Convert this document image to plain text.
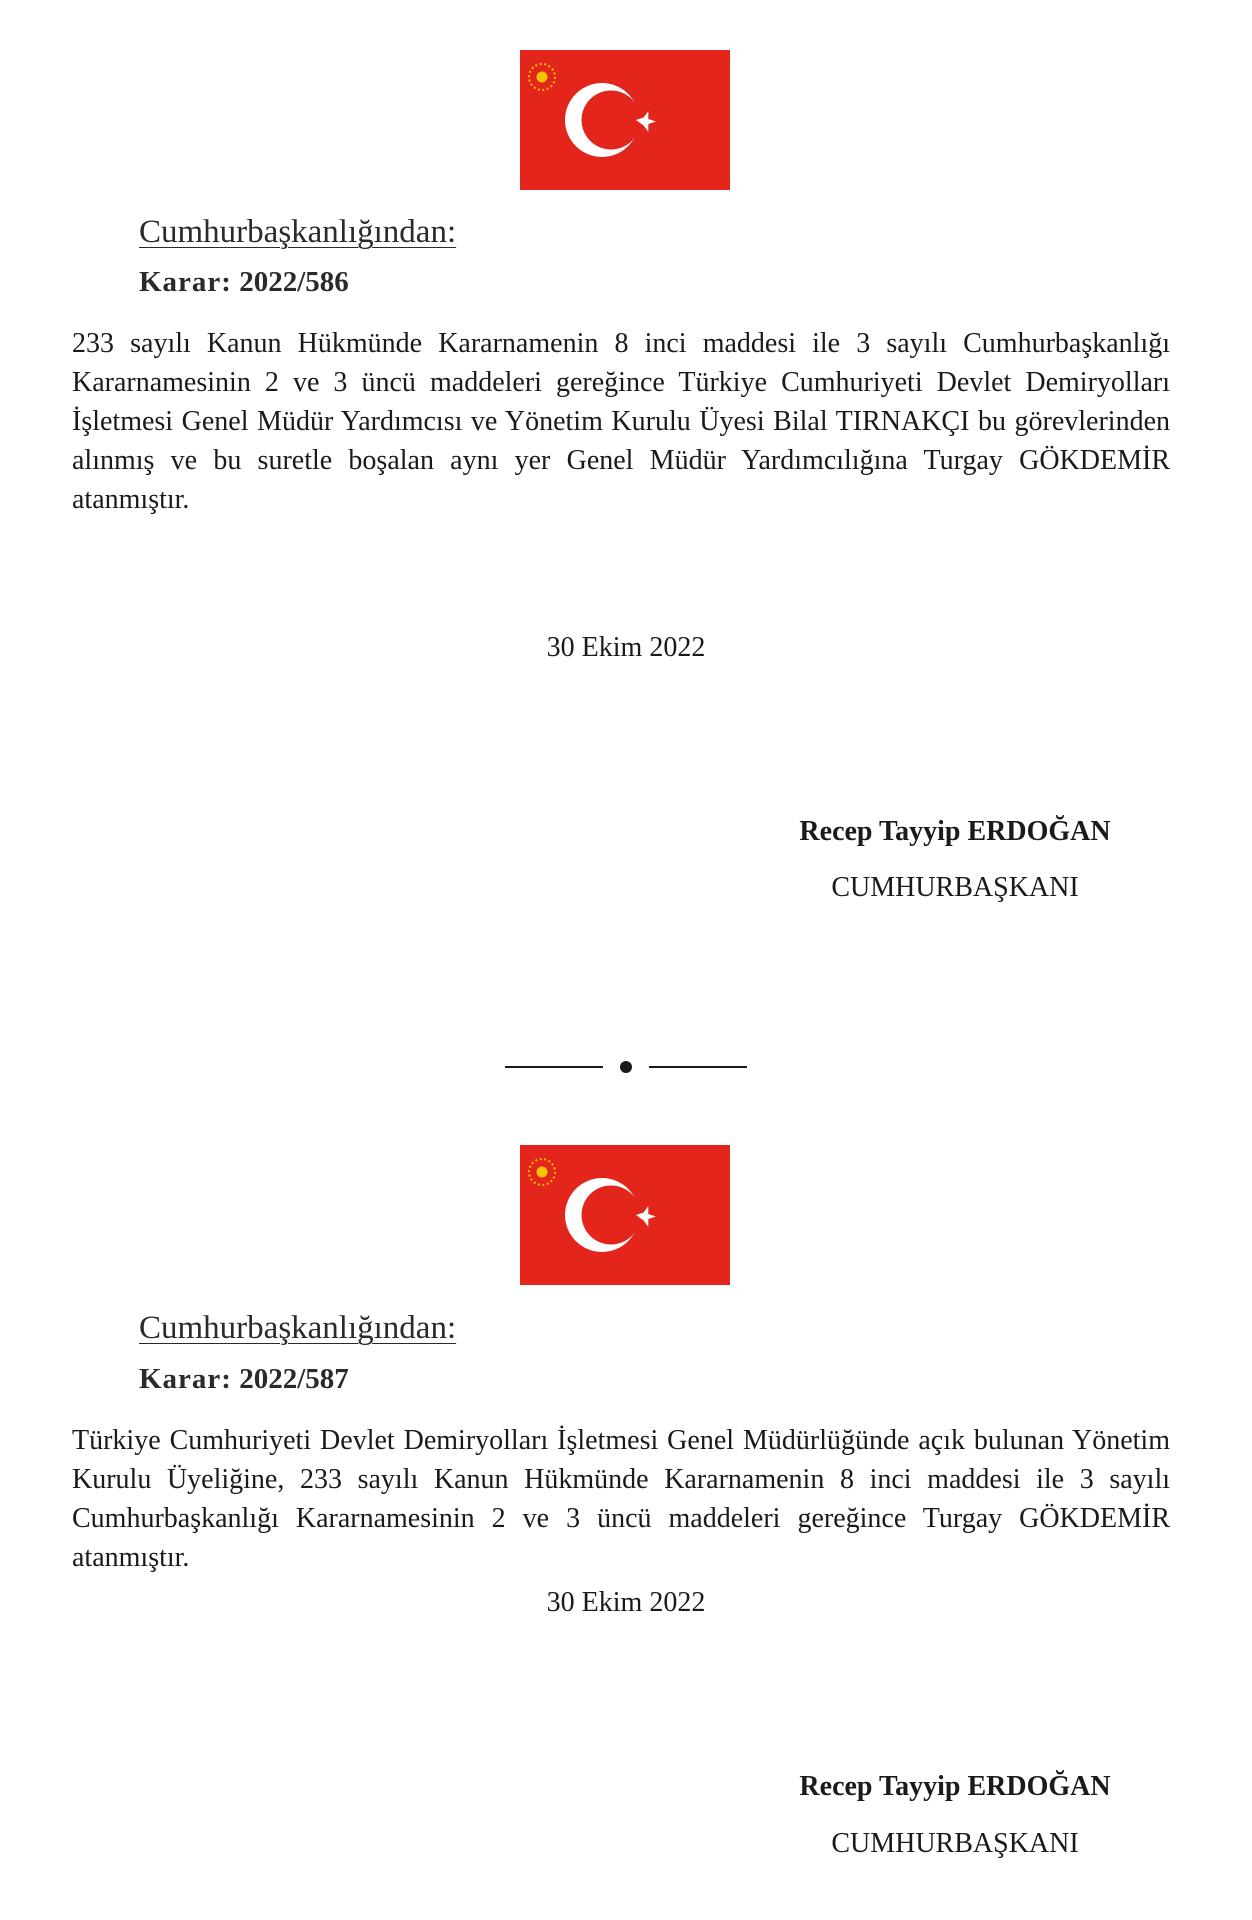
Cumhurbaşkanlığından:
Karar: 2022/586
233 sayılı Kanun Hükmünde Kararnamenin 8 inci maddesi ile 3 sayılı Cumhurbaşkanlığı Kararnamesinin 2 ve 3 üncü maddeleri gereğince Türkiye Cumhuriyeti Devlet Demiryolları İşletmesi Genel Müdür Yardımcısı ve Yönetim Kurulu Üyesi Bilal TIRNAKÇI bu görevlerinden alınmış ve bu suretle boşalan aynı yer Genel Müdür Yardımcılığına Turgay GÖKDEMİR atanmıştır.
30 Ekim 2022
Recep Tayyip ERDOĞAN
CUMHURBAŞKANI
Cumhurbaşkanlığından:
Karar: 2022/587
Türkiye Cumhuriyeti Devlet Demiryolları İşletmesi Genel Müdürlüğünde açık bulunan Yönetim Kurulu Üyeliğine, 233 sayılı Kanun Hükmünde Kararnamenin 8 inci maddesi ile 3 sayılı Cumhurbaşkanlığı Kararnamesinin 2 ve 3 üncü maddeleri gereğince Turgay GÖKDEMİR atanmıştır.
30 Ekim 2022
Recep Tayyip ERDOĞAN
CUMHURBAŞKANI
